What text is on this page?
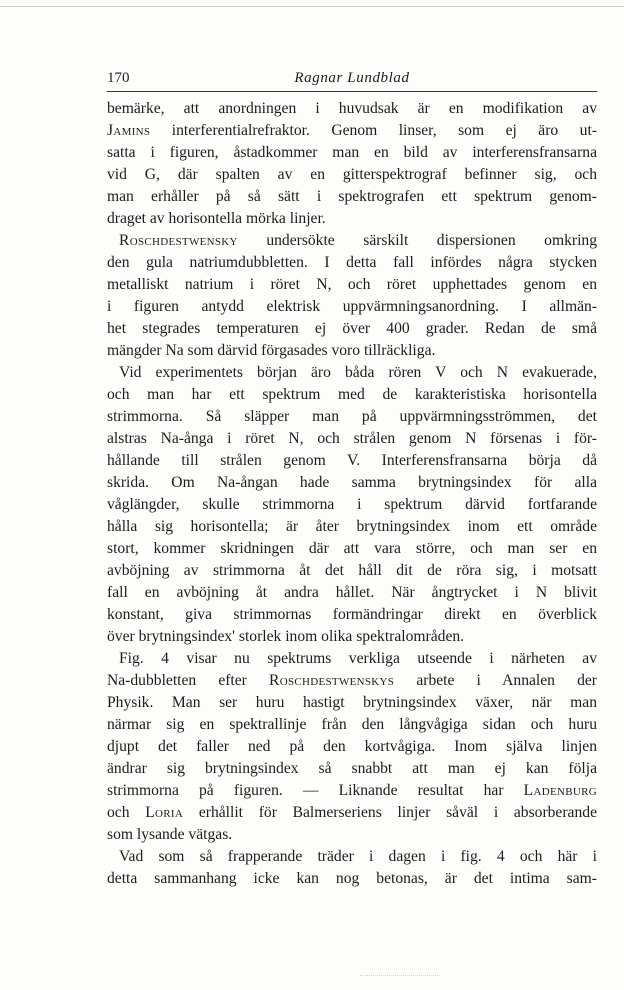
170	Ragnar Lundblad
bemärke, att anordningen i huvudsak är en modifikation av
Jamins interferentialrefraktor. Genom linser, som ej äro ut-
satta i figuren, åstadkommer man en bild av interferensfransarna
vid G, där spalten av en gitterspektrograf befinner sig, och
man erhåller på så sätt i spektrografen ett spektrum genom-
draget av horisontella mörka linjer.
Roschdestwensky undersökte särskilt dispersionen omkring
den gula natriumdubbletten. I detta fall infördes några stycken
metalliskt natrium i röret N, och röret upphettades genom en
i figuren antydd elektrisk uppvärmningsanordning. I allmän-
het stegrades temperaturen ej över 400 grader. Redan de små
mängder Na som därvid förgasades voro tillräckliga.
Vid experimentets början äro båda rören V och N evakuerade,
och man har ett spektrum med de karakteristiska horisontella
strimmorna. Så släpper man på uppvärmningsströmmen, det
alstras Na-ånga i röret N, och strålen genom N försenas i för-
hållande till strålen genom V. Interferensfransarna börja då
skrida. Om Na-ångan hade samma brytningsindex för alla
våglängder, skulle strimmorna i spektrum därvid fortfarande
hålla sig horisontella; är åter brytningsindex inom ett område
stort, kommer skridningen där att vara större, och man ser en
avböjning av strimmorna åt det håll dit de röra sig, i motsatt
fall en avböjning åt andra hållet. När ångtrycket i N blivit
konstant, giva strimmornas formändringar direkt en överblick
över brytningsindex' storlek inom olika spektralområden.
Fig. 4 visar nu spektrums verkliga utseende i närheten av
Na-dubbletten efter Roschdestwenskys arbete i Annalen der
Physik. Man ser huru hastigt brytningsindex växer, när man
närmar sig en spektrallinje från den långvågiga sidan och huru
djupt det faller ned på den kortvågiga. Inom själva linjen
ändrar sig brytningsindex så snabbt att man ej kan följa
strimmorna på figuren. — Liknande resultat har Ladenburg
och Loria erhållit för Balmerseriens linjer såväl i absorberande
som lysande vätgas.
Vad som så frapperande träder i dagen i fig. 4 och här i
detta sammanhang icke kan nog betonas, är det intima sam-
